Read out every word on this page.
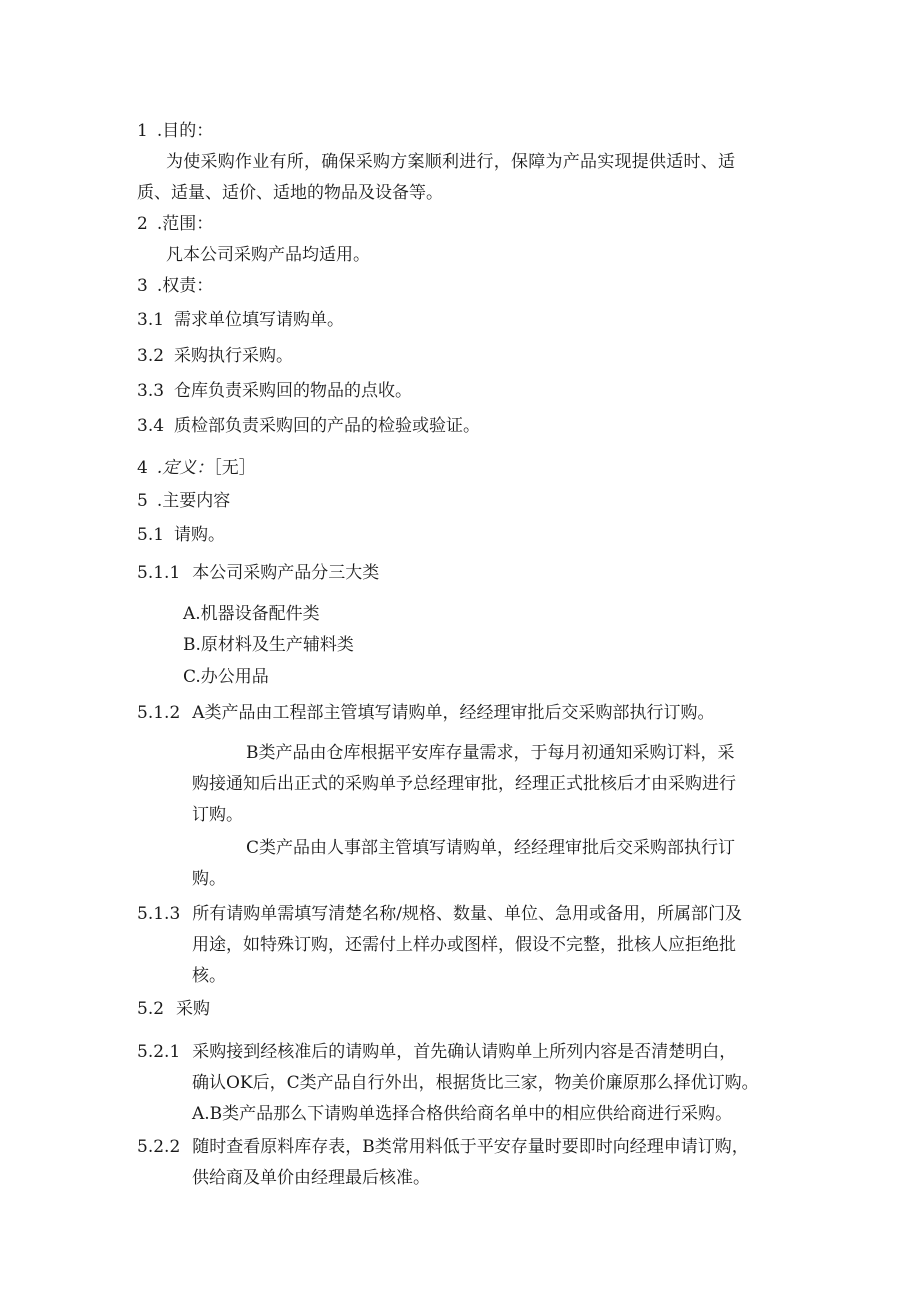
1 .目的：
为使采购作业有所，确保采购方案顺利进行，保障为产品实现提供适时、适
质、适量、适价、适地的物品及设备等。
2 .范围：
凡本公司采购产品均适用。
3 .权责：
3.1 需求单位填写请购单。
3.2 采购执行采购。
3.3 仓库负责采购回的物品的点收。
3.4 质检部负责采购回的产品的检验或验证。
4 .定义：［无］
5 .主要内容
5.1 请购。
5.1.1 本公司采购产品分三大类
A.机器设备配件类
B.原材料及生产辅料类
C.办公用品
5.1.2 A类产品由工程部主管填写请购单，经经理审批后交采购部执行订购。
B类产品由仓库根据平安库存量需求，于每月初通知采购订料，采
购接通知后出正式的采购单予总经理审批，经理正式批核后才由采购进行
订购。
C类产品由人事部主管填写请购单，经经理审批后交采购部执行订
购。
5.1.3 所有请购单需填写清楚名称/规格、数量、单位、急用或备用，所属部门及
用途，如特殊订购，还需付上样办或图样，假设不完整，批核人应拒绝批
核。
5.2 采购
5.2.1 采购接到经核准后的请购单，首先确认请购单上所列内容是否清楚明白，
确认OK后，C类产品自行外出，根据货比三家，物美价廉原那么择优订购。
A.B类产品那么下请购单选择合格供给商名单中的相应供给商进行采购。
5.2.2 随时查看原料库存表，B类常用料低于平安存量时要即时向经理申请订购，
供给商及单价由经理最后核准。
